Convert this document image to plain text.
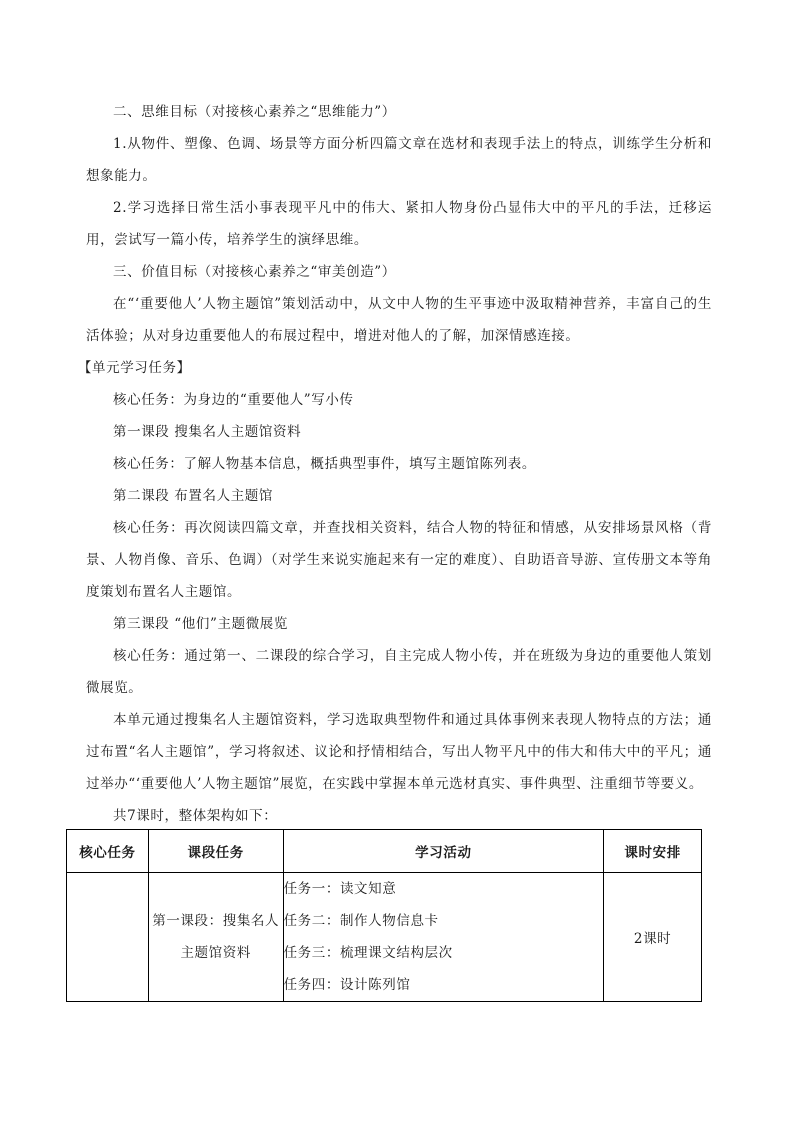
二、思维目标（对接核心素养之“思维能力”）

1.从物件、塑像、色调、场景等方面分析四篇文章在选材和表现手法上的特点，训练学生分析和想象能力。

2.学习选择日常生活小事表现平凡中的伟大、紧扣人物身份凸显伟大中的平凡的手法，迁移运用，尝试写一篇小传，培养学生的演绎思维。

三、价值目标（对接核心素养之“审美创造”）

在“‘重要他人’人物主题馆”策划活动中，从文中人物的生平事迹中汲取精神营养，丰富自己的生活体验；从对身边重要他人的布展过程中，增进对他人的了解，加深情感连接。

【单元学习任务】

核心任务：为身边的“重要他人”写小传

第一课段 搜集名人主题馆资料

核心任务：了解人物基本信息，概括典型事件，填写主题馆陈列表。

第二课段 布置名人主题馆

核心任务：再次阅读四篇文章，并查找相关资料，结合人物的特征和情感，从安排场景风格（背景、人物肖像、音乐、色调）（对学生来说实施起来有一定的难度）、自助语音导游、宣传册文本等角度策划布置名人主题馆。

第三课段 “他们”主题微展览

核心任务：通过第一、二课段的综合学习，自主完成人物小传，并在班级为身边的重要他人策划微展览。

本单元通过搜集名人主题馆资料，学习选取典型物件和通过具体事例来表现人物特点的方法；通过布置“名人主题馆”，学习将叙述、议论和抒情相结合，写出人物平凡中的伟大和伟大中的平凡；通过举办“‘重要他人’人物主题馆”展览，在实践中掌握本单元选材真实、事件典型、注重细节等要义。

共7课时，整体架构如下：

核心任务	课段任务	学习活动	课时安排
	第一课段：搜集名人主题馆资料	任务一：读文知意
任务二：制作人物信息卡
任务三：梳理课文结构层次
任务四：设计陈列馆	2课时
